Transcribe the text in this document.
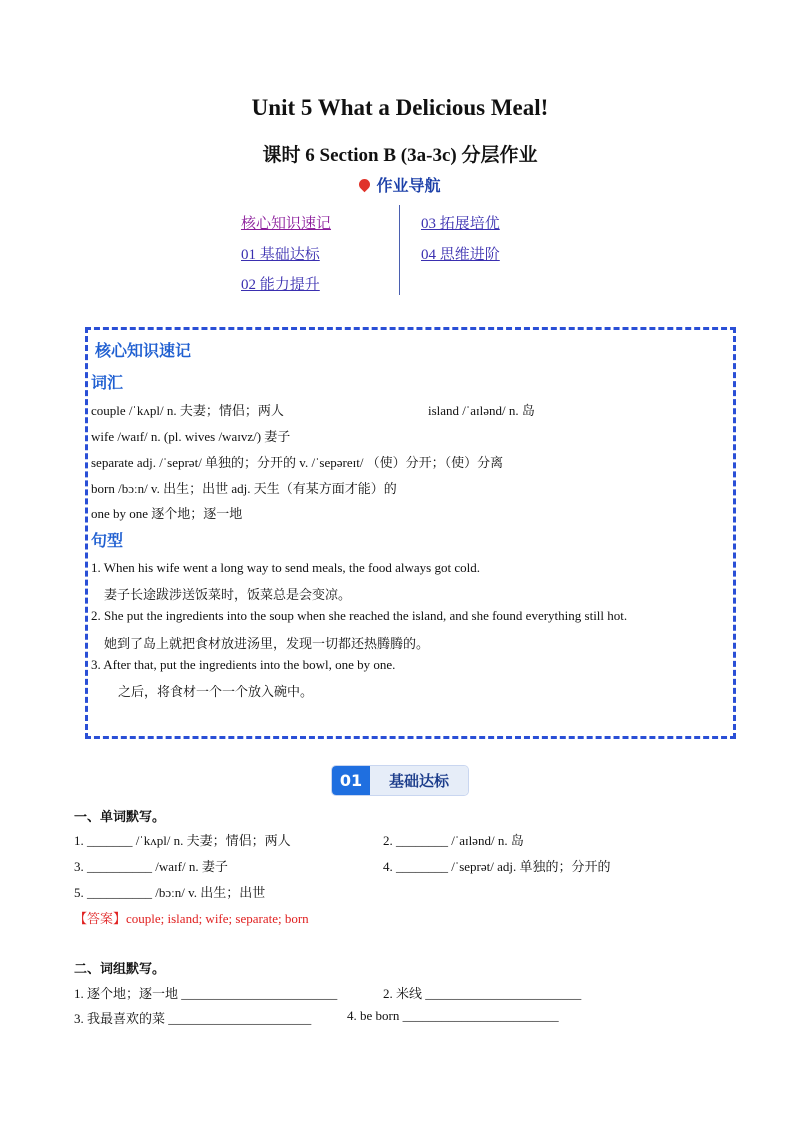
Unit 5 What a Delicious Meal!
课时 6 Section B (3a-3c) 分层作业
作业导航
核心知识速记
01 基础达标
02 能力提升
03 拓展培优
04 思维进阶
核心知识速记
词汇
couple /ˈkʌpl/ n. 夫妻；情侣；两人	island /ˈaɪlənd/ n. 岛
wife /waɪf/ n. (pl. wives /waɪvz/) 妻子
separate adj. /ˈseprət/ 单独的；分开的 v. /ˈsepəreɪt/ （使）分开；（使）分离
born /bɔːn/ v. 出生；出世 adj. 天生（有某方面才能）的
one by one 逐个地；逐一地
句型
1. When his wife went a long way to send meals, the food always got cold.
妻子长途跋涉送饭菜时，饭菜总是会变凉。
2. She put the ingredients into the soup when she reached the island, and she found everything still hot.
她到了岛上就把食材放进汤里，发现一切都还热腾腾的。
3. After that, put the ingredients into the bowl, one by one.
之后，将食材一个一个放入碗中。
01	基础达标
一、单词默写。
1. _______ /ˈkʌpl/ n. 夫妻；情侣；两人	2. ________ /ˈaɪlənd/ n. 岛
3. __________ /waɪf/ n. 妻子	4. ________ /ˈseprət/ adj. 单独的；分开的
5. __________ /bɔːn/ v. 出生；出世
【答案】couple; island; wife; separate; born
二、词组默写。
1. 逐个地；逐一地 ________________________	2. 米线 ________________________
3. 我最喜欢的菜 ______________________	4. be born ________________________
